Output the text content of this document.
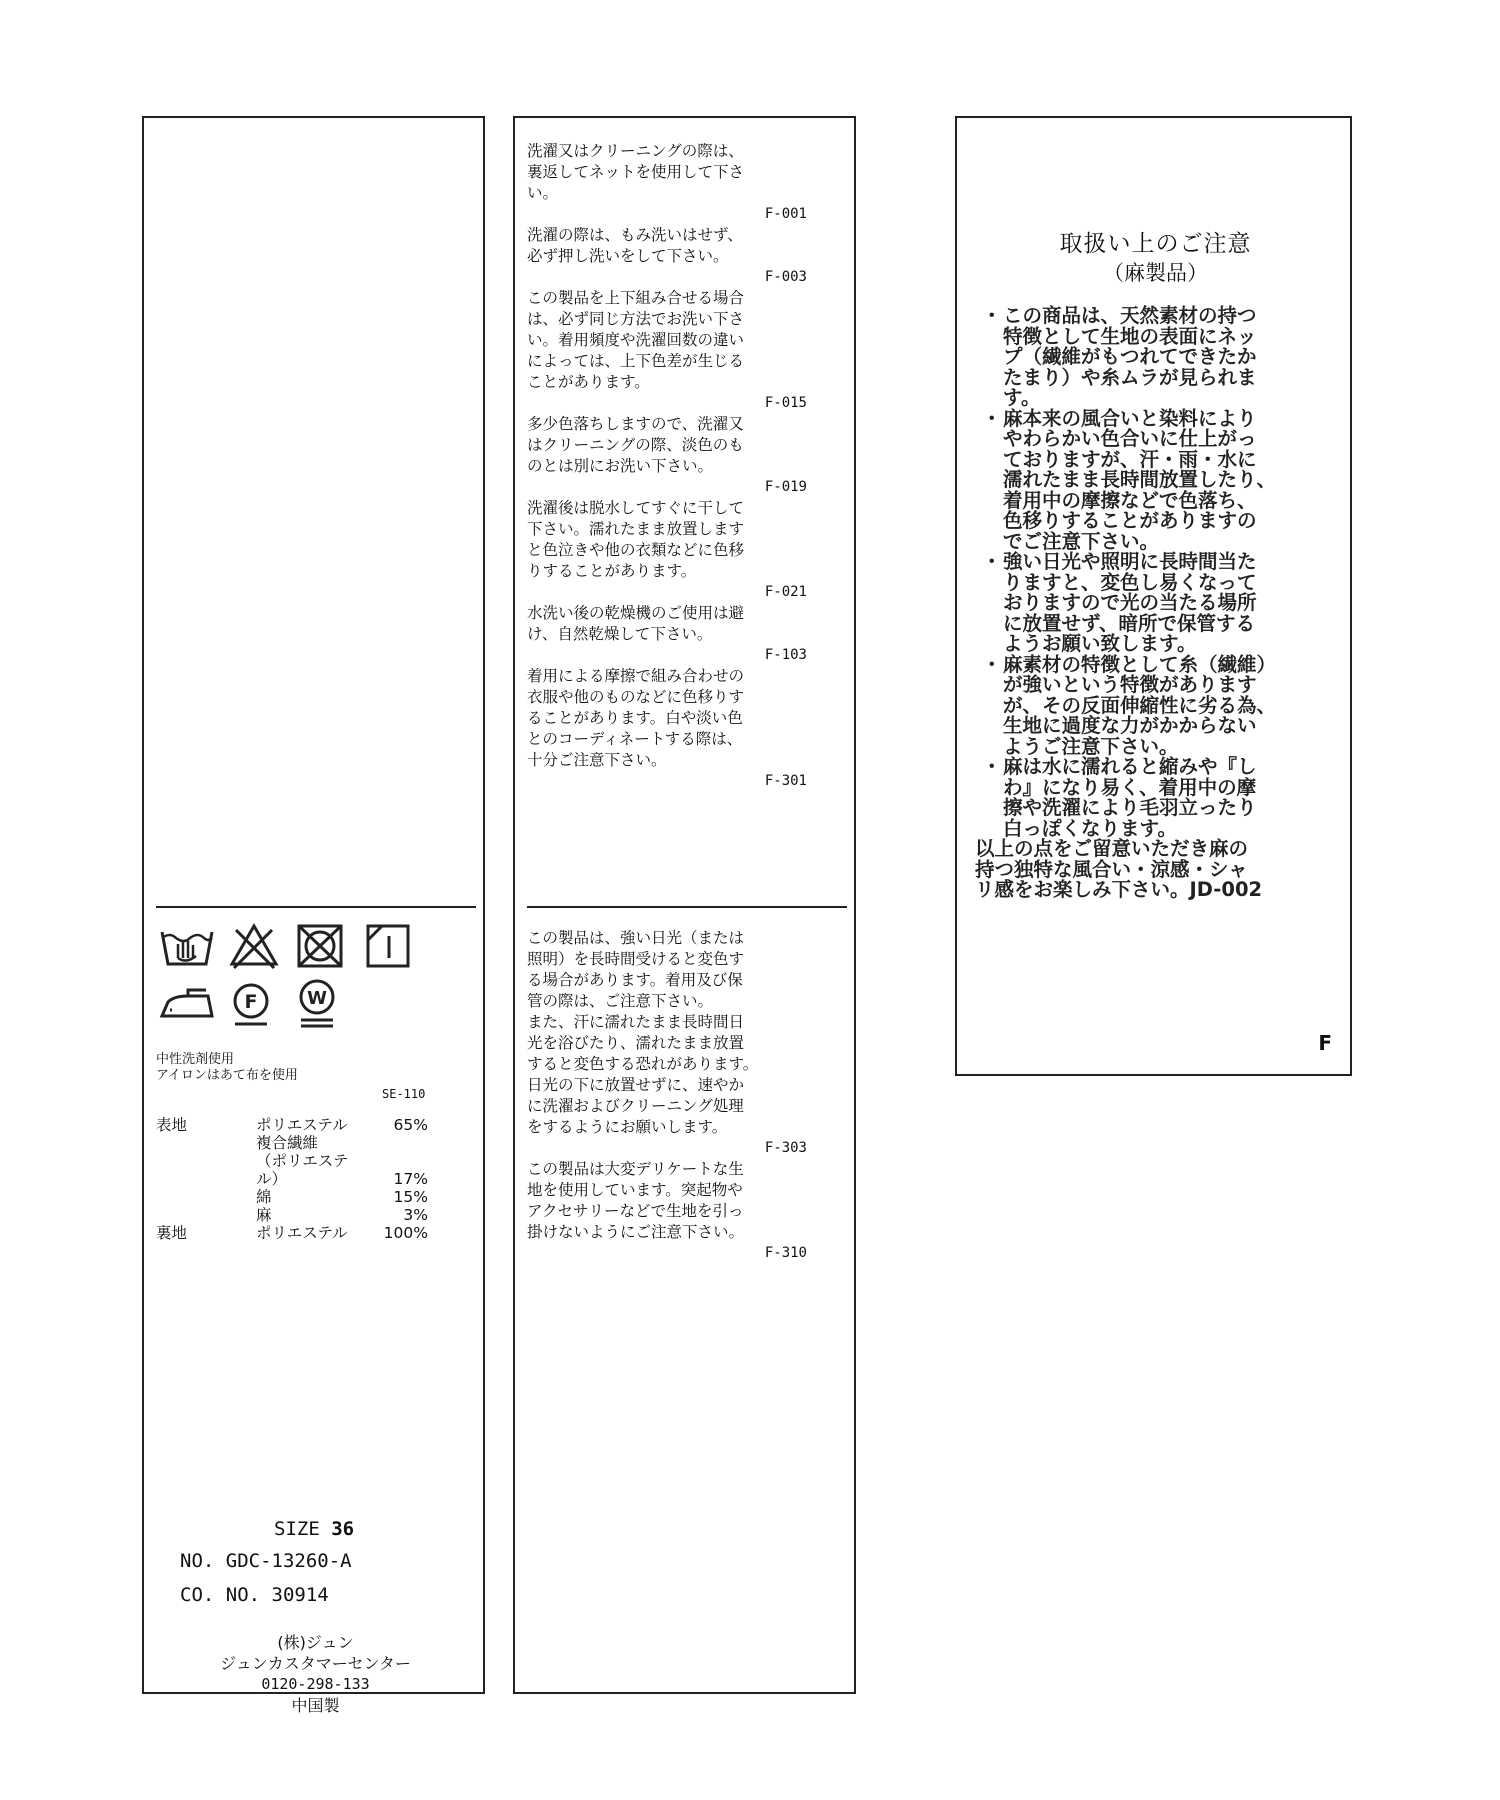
F	W
中性洗剤使用
アイロンはあて布を使用
SE-110
表地	ポリエステル	65%
複合繊維
（ポリエステ
ル）	17%
綿	15%
麻	3%
裏地	ポリエステル 100%
SIZE 36
NO. GDC-13260-A
CO. NO. 30914
(株)ジュン
ジュンカスタマーセンター
0120-298-133
中国製
洗濯又はクリーニングの際は、
裏返してネットを使用して下さ
い。
F-001
洗濯の際は、もみ洗いはせず、
必ず押し洗いをして下さい。
F-003
この製品を上下組み合せる場合
は、必ず同じ方法でお洗い下さ
い。着用頻度や洗濯回数の違い
によっては、上下色差が生じる
ことがあります。
F-015
多少色落ちしますので、洗濯又
はクリーニングの際、淡色のも
のとは別にお洗い下さい。
F-019
洗濯後は脱水してすぐに干して
下さい。濡れたまま放置します
と色泣きや他の衣類などに色移
りすることがあります。
F-021
水洗い後の乾燥機のご使用は避
け、自然乾燥して下さい。
F-103
着用による摩擦で組み合わせの
衣服や他のものなどに色移りす
ることがあります。白や淡い色
とのコーディネートする際は、
十分ご注意下さい。
F-301
この製品は、強い日光（または
照明）を長時間受けると変色す
る場合があります。着用及び保
管の際は、ご注意下さい。
また、汗に濡れたまま長時間日
光を浴びたり、濡れたまま放置
すると変色する恐れがあります。
日光の下に放置せずに、速やか
に洗濯およびクリーニング処理
をするようにお願いします。
F-303
この製品は大変デリケートな生
地を使用しています。突起物や
アクセサリーなどで生地を引っ
掛けないようにご注意下さい。
F-310
取扱い上のご注意
（麻製品）
・ この商品は、天然素材の持つ
特徴として生地の表面にネッ
プ（繊維がもつれてできたか
たまり）や糸ムラが見られま
す。
・ 麻本来の風合いと染料により
やわらかい色合いに仕上がっ
ておりますが、汗・雨・水に
濡れたまま長時間放置したり、
着用中の摩擦などで色落ち、
色移りすることがありますの
でご注意下さい。
・ 強い日光や照明に長時間当た
りますと、変色し易くなって
おりますので光の当たる場所
に放置せず、暗所で保管する
ようお願い致します。
・ 麻素材の特徴として糸（繊維）
が強いという特徴があります
が、その反面伸縮性に劣る為、
生地に過度な力がかからない
ようご注意下さい。
・ 麻は水に濡れると縮みや『し
わ』になり易く、着用中の摩
擦や洗濯により毛羽立ったり
白っぽくなります。
以上の点をご留意いただき麻の
持つ独特な風合い・涼感・シャ
リ感をお楽しみ下さい。JD-002
F
